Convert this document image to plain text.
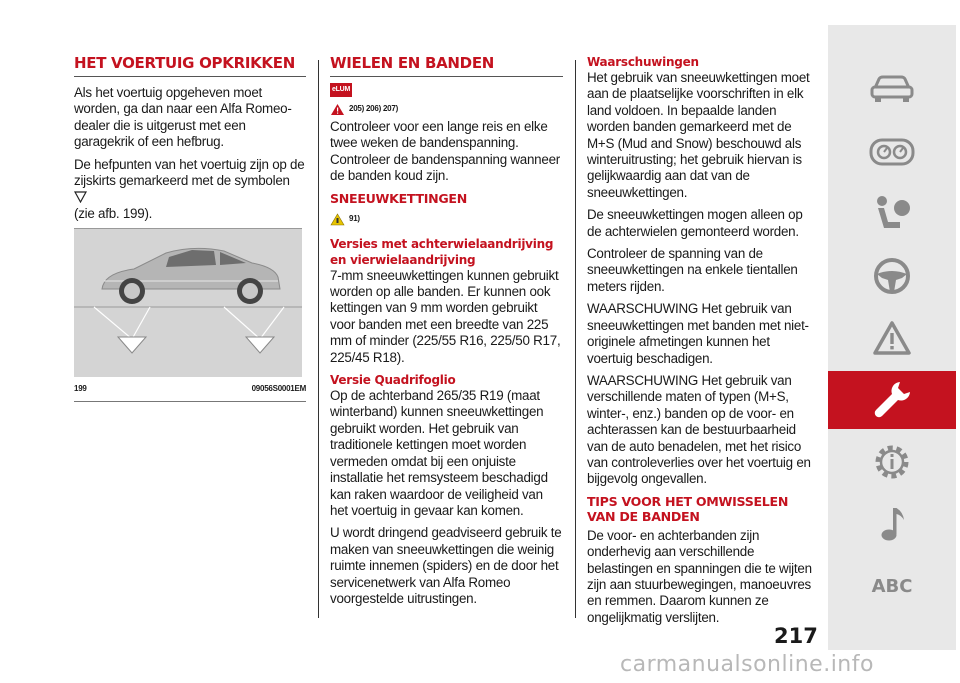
HET VOERTUIG OPKRIKKEN

Als het voertuig opgeheven moet worden, ga dan naar een Alfa Romeo-dealer die is uitgerust met een garagekrik of een hefbrug.

De hefpunten van het voertuig zijn op de zijskirts gemarkeerd met de symbolen
(zie afb. 199).

199	09056S0001EM
WIELEN EN BANDEN
eLUM
205) 206) 207)

Controleer voor een lange reis en elke twee weken de bandenspanning. Controleer de bandenspanning wanneer de banden koud zijn.

SNEEUWKETTINGEN
91)
Versies met achterwielaandrijving en vierwielaandrijving

7-mm sneeuwkettingen kunnen gebruikt worden op alle banden. Er kunnen ook kettingen van 9 mm worden gebruikt voor banden met een breedte van 225 mm of minder (225/55 R16, 225/50 R17, 225/45 R18).

Versie Quadrifoglio

Op de achterband 265/35 R19 (maat winterband) kunnen sneeuwkettingen gebruikt worden. Het gebruik van traditionele kettingen moet worden vermeden omdat bij een onjuiste installatie het remsysteem beschadigd kan raken waardoor de veiligheid van het voertuig in gevaar kan komen.

U wordt dringend geadviseerd gebruik te maken van sneeuwkettingen die weinig ruimte innemen (spiders) en de door het servicenetwerk van Alfa Romeo voorgestelde uitrustingen.

Waarschuwingen

Het gebruik van sneeuwkettingen moet aan de plaatselijke voorschriften in elk land voldoen. In bepaalde landen worden banden gemarkeerd met de M+S (Mud and Snow) beschouwd als winteruitrusting; het gebruik hiervan is gelijkwaardig aan dat van de sneeuwkettingen.

De sneeuwkettingen mogen alleen op de achterwielen gemonteerd worden.

Controleer de spanning van de sneeuwkettingen na enkele tientallen meters rijden.

WAARSCHUWING Het gebruik van sneeuwkettingen met banden met niet-originele afmetingen kunnen het voertuig beschadigen.

WAARSCHUWING Het gebruik van verschillende maten of typen (M+S, winter-, enz.) banden op de voor- en achterassen kan de bestuurbaarheid van de auto benadelen, met het risico van controleverlies over het voertuig en bijgevolg ongevallen.

TIPS VOOR HET OMWISSELEN VAN DE BANDEN

De voor- en achterbanden zijn onderhevig aan verschillende belastingen en spanningen die te wijten zijn aan stuurbewegingen, manoeuvres en remmen. Daarom kunnen ze ongelijkmatig verslijten.

ABC
217
carmanualsonline.info
